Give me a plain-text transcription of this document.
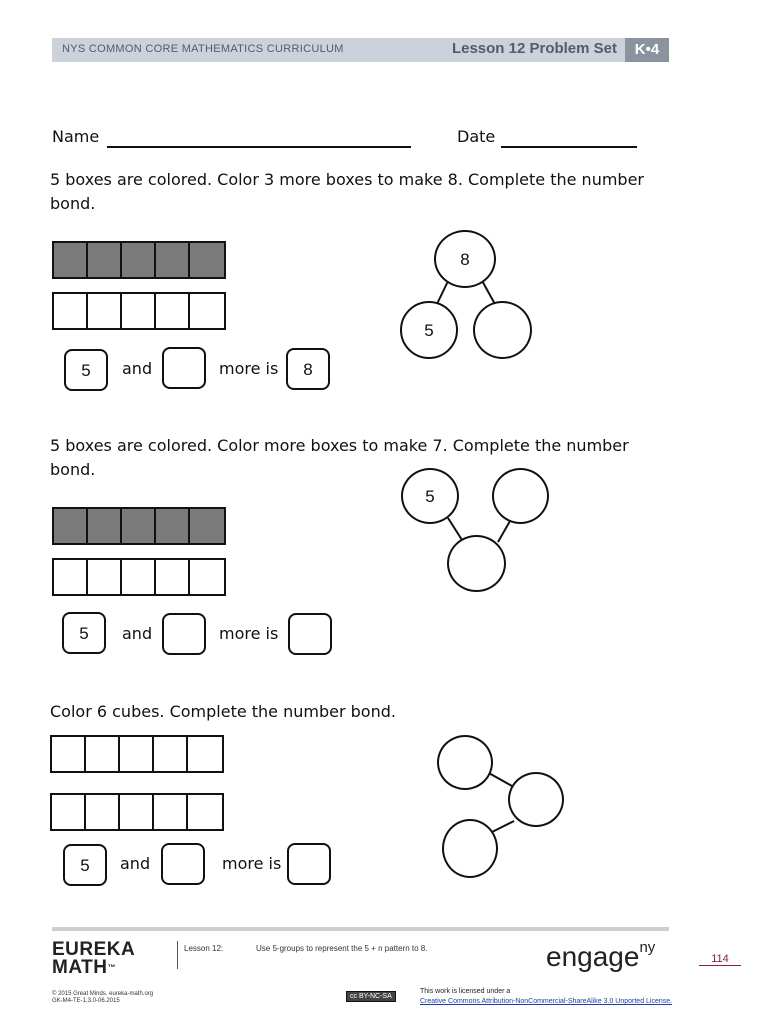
NYS COMMON CORE MATHEMATICS CURRICULUM	Lesson 12 Problem Set	K•4
Name	Date
5 boxes are colored. Color 3 more boxes to make 8. Complete the number bond.
5	and	more is	8
8
5
5 boxes are colored. Color more boxes to make 7. Complete the number bond.
5	and	more is
5
Color 6 cubes. Complete the number bond.
5	and	more is
EUREKA
MATH™
Lesson 12:	Use 5-groups to represent the 5 + n pattern to 8.	engage$^{ny}$
114
© 2015 Great Minds. eureka-math.org
GK-M4-TE-1.3.0-06.2015
cc BY-NC-SA
This work is licensed under a
Creative Commons Attribution-NonCommercial-ShareAlike 3.0 Unported License.
